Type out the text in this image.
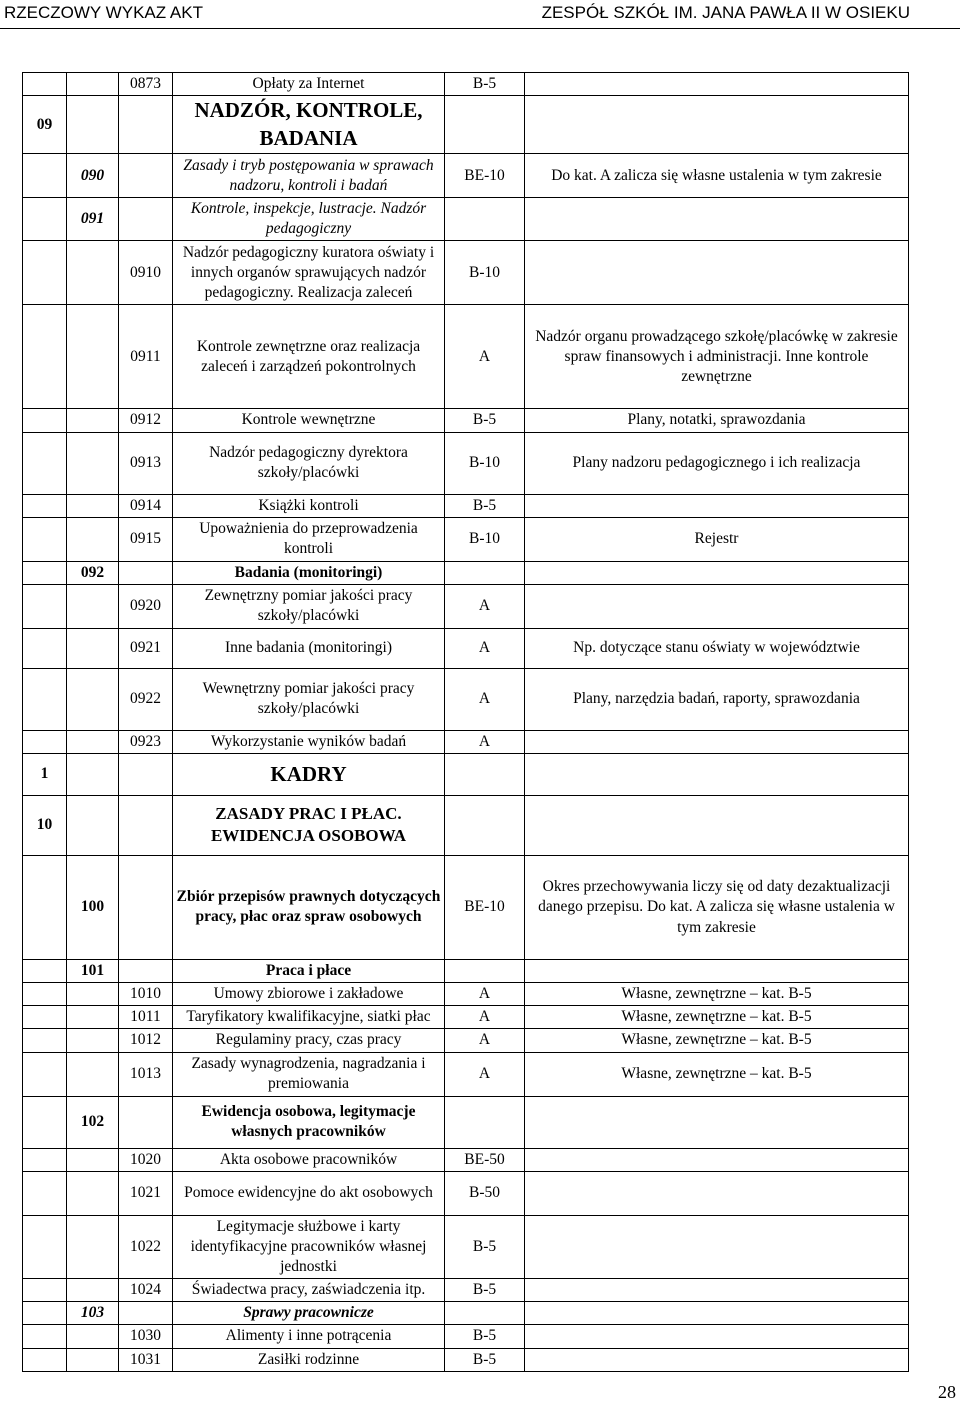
RZECZOWY WYKAZ AKT	ZESPÓŁ SZKÓŁ IM. JANA PAWŁA II W OSIEKU
		0873	Opłaty za Internet	B-5	
09			NADZÓR, KONTROLE, BADANIA		
	090		Zasady i tryb postępowania w sprawach nadzoru, kontroli i badań	BE-10	Do kat. A zalicza się własne ustalenia w tym zakresie
	091		Kontrole, inspekcje, lustracje. Nadzór pedagogiczny		
		0910	Nadzór pedagogiczny kuratora oświaty i innych organów sprawujących nadzór pedagogiczny. Realizacja zaleceń	B-10	
		0911	Kontrole zewnętrzne oraz realizacja zaleceń i zarządzeń pokontrolnych	A	Nadzór organu prowadzącego szkołę/placówkę w zakresie spraw finansowych i administracji. Inne kontrole zewnętrzne
		0912	Kontrole wewnętrzne	B-5	Plany, notatki, sprawozdania
		0913	Nadzór pedagogiczny dyrektora szkoły/placówki	B-10	Plany nadzoru pedagogicznego i ich realizacja
		0914	Książki kontroli	B-5	
		0915	Upoważnienia do przeprowadzenia kontroli	B-10	Rejestr
	092		Badania (monitoringi)		
		0920	Zewnętrzny pomiar jakości pracy szkoły/placówki	A	
		0921	Inne badania (monitoringi)	A	Np. dotyczące stanu oświaty w województwie
		0922	Wewnętrzny pomiar jakości pracy szkoły/placówki	A	Plany, narzędzia badań, raporty, sprawozdania
		0923	Wykorzystanie wyników badań	A	
1			KADRY		
10			ZASADY PRAC I PŁAC. EWIDENCJA OSOBOWA		
	100		Zbiór przepisów prawnych dotyczących pracy, płac oraz spraw osobowych	BE-10	Okres przechowywania liczy się od daty dezaktualizacji danego przepisu. Do kat. A zalicza się własne ustalenia w tym zakresie
	101		Praca i płace		
		1010	Umowy zbiorowe i zakładowe	A	Własne, zewnętrzne – kat. B-5
		1011	Taryfikatory kwalifikacyjne, siatki płac	A	Własne, zewnętrzne – kat. B-5
		1012	Regulaminy pracy, czas pracy	A	Własne, zewnętrzne – kat. B-5
		1013	Zasady wynagrodzenia, nagradzania i premiowania	A	Własne, zewnętrzne – kat. B-5
	102		Ewidencja osobowa, legitymacje własnych pracowników		
		1020	Akta osobowe pracowników	BE-50	
		1021	Pomoce ewidencyjne do akt osobowych	B-50	
		1022	Legitymacje służbowe i karty identyfikacyjne pracowników własnej jednostki	B-5	
		1024	Świadectwa pracy, zaświadczenia itp.	B-5	
	103		Sprawy pracownicze		
		1030	Alimenty i inne potrącenia	B-5	
		1031	Zasiłki rodzinne	B-5	
28
